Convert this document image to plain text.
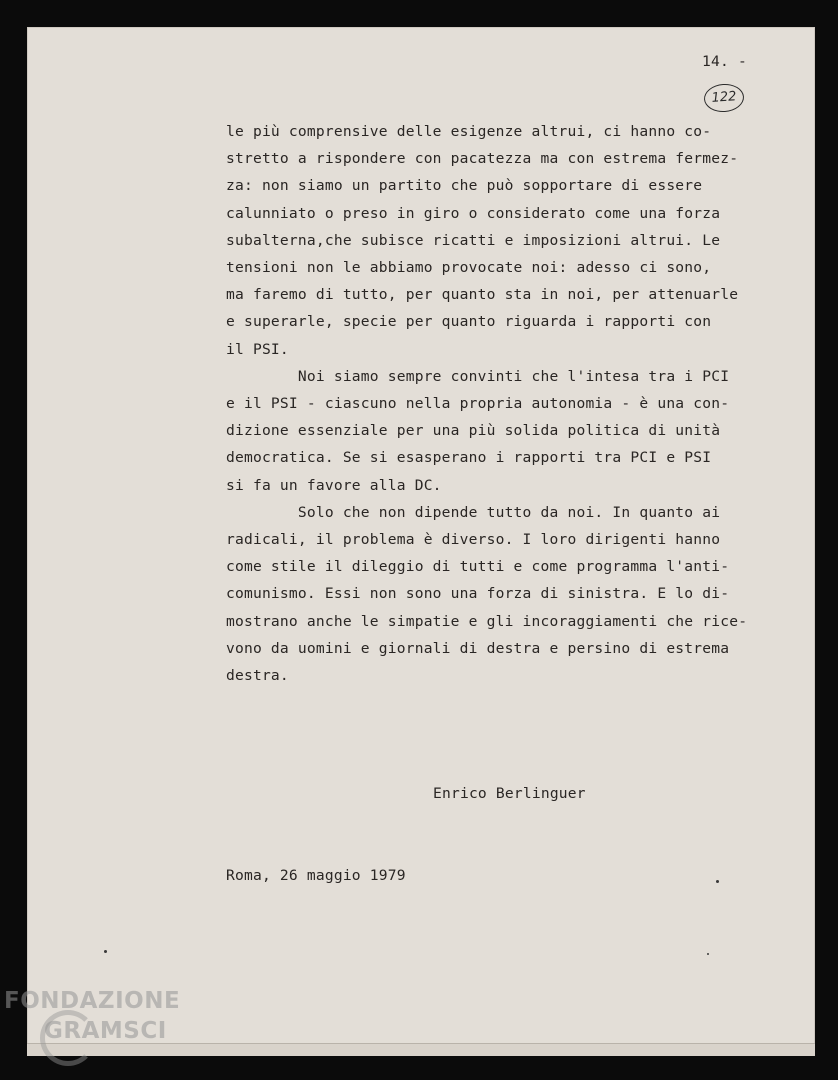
14. -

122

le più comprensive delle esigenze altrui, ci hanno co-
stretto a rispondere con pacatezza ma con estrema fermez-
za: non siamo un partito che può sopportare di essere
calunniato o preso in giro o considerato come una forza
subalterna,che subisce ricatti e imposizioni altrui. Le
tensioni non le abbiamo provocate noi: adesso ci sono,
ma faremo di tutto, per quanto sta in noi, per attenuarle
e superarle, specie per quanto riguarda i rapporti con
il PSI.
Noi siamo sempre convinti che l'intesa tra i PCI
e il PSI - ciascuno nella propria autonomia - è una con-
dizione essenziale per una più solida politica di unità
democratica. Se si esasperano i rapporti tra PCI e PSI
si fa un favore alla DC.
Solo che non dipende tutto da noi. In quanto ai
radicali, il problema è diverso. I loro dirigenti hanno
come stile il dileggio di tutti e come programma l'anti-
comunismo. Essi non sono una forza di sinistra. E lo di-
mostrano anche le simpatie e gli incoraggiamenti che rice-
vono da uomini e giornali di destra e persino di estrema
destra.

Enrico Berlinguer

Roma, 26 maggio 1979

FONDAZIONE
GRAMSCI
